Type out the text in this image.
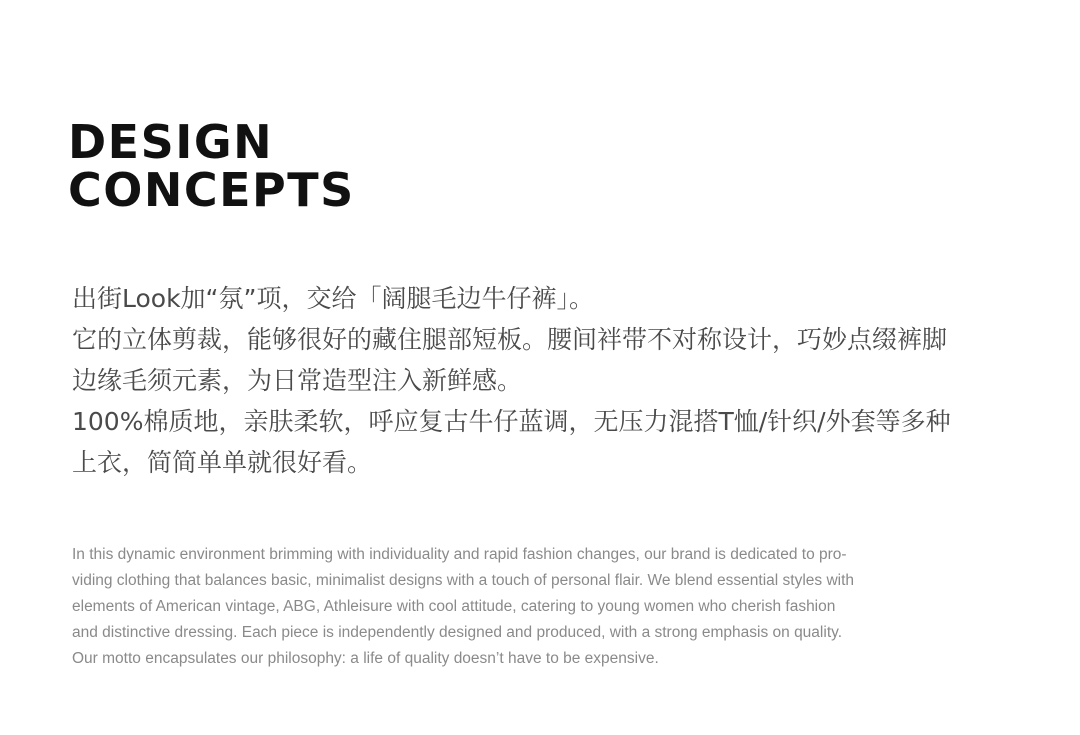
DESIGN
CONCEPTS
出街Look加“氛”项，交给「阔腿毛边牛仔裤」。
它的立体剪裁，能够很好的藏住腿部短板。腰间袢带不对称设计，巧妙点缀裤脚
边缘毛须元素，为日常造型注入新鲜感。
100%棉质地，亲肤柔软，呼应复古牛仔蓝调，无压力混搭T恤/针织/外套等多种
上衣，简简单单就很好看。
In this dynamic environment brimming with individuality and rapid fashion changes, our brand is dedicated to pro-
viding clothing that balances basic, minimalist designs with a touch of personal flair. We blend essential styles with
elements of American vintage, ABG, Athleisure with cool attitude, catering to young women who cherish fashion
and distinctive dressing. Each piece is independently designed and produced, with a strong emphasis on quality.
Our motto encapsulates our philosophy: a life of quality doesn’t have to be expensive.
